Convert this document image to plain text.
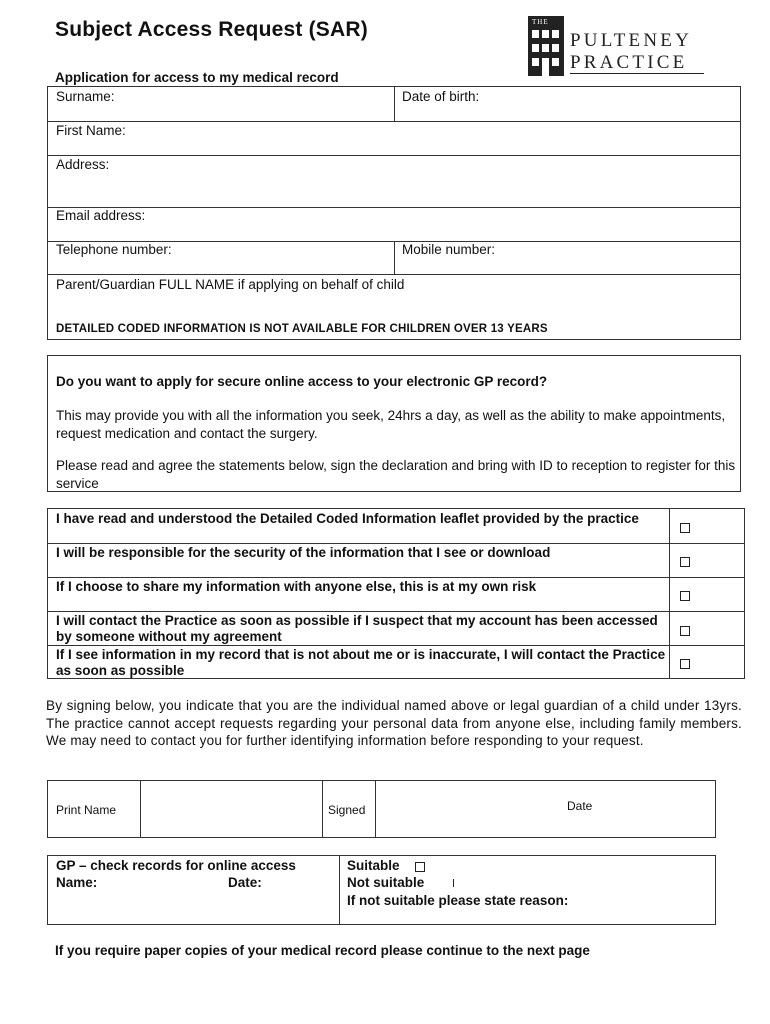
Subject Access Request (SAR)
Application for access to my medical record
THE
PULTENEY
PRACTICE
Surname:	Date of birth:
First Name:
Address:
Email address:
Telephone number:	Mobile number:
Parent/Guardian FULL NAME if applying on behalf of child
DETAILED CODED INFORMATION IS NOT AVAILABLE FOR CHILDREN OVER 13 YEARS
Do you want to apply for secure online access to your electronic GP record?
This may provide you with all the information you seek, 24hrs a day, as well as the ability to make appointments, request medication and contact the surgery.
Please read and agree the statements below, sign the declaration and bring with ID to reception to register for this service
I have read and understood the Detailed Coded Information leaflet provided by the practice
I will be responsible for the security of the information that I see or download
If I choose to share my information with anyone else, this is at my own risk
I will contact the Practice as soon as possible if I suspect that my account has been accessed by someone without my agreement
If I see information in my record that is not about me or is inaccurate, I will contact the Practice as soon as possible
By signing below, you indicate that you are the individual named above or legal guardian of a child under 13yrs. The practice cannot accept requests regarding your personal data from anyone else, including family members. We may need to contact you for further identifying information before responding to your request.
Print Name	Signed	Date
GP – check records for online access
Name:	Date:
Suitable
Not suitable
If not suitable please state reason:
If you require paper copies of your medical record please continue to the next page
